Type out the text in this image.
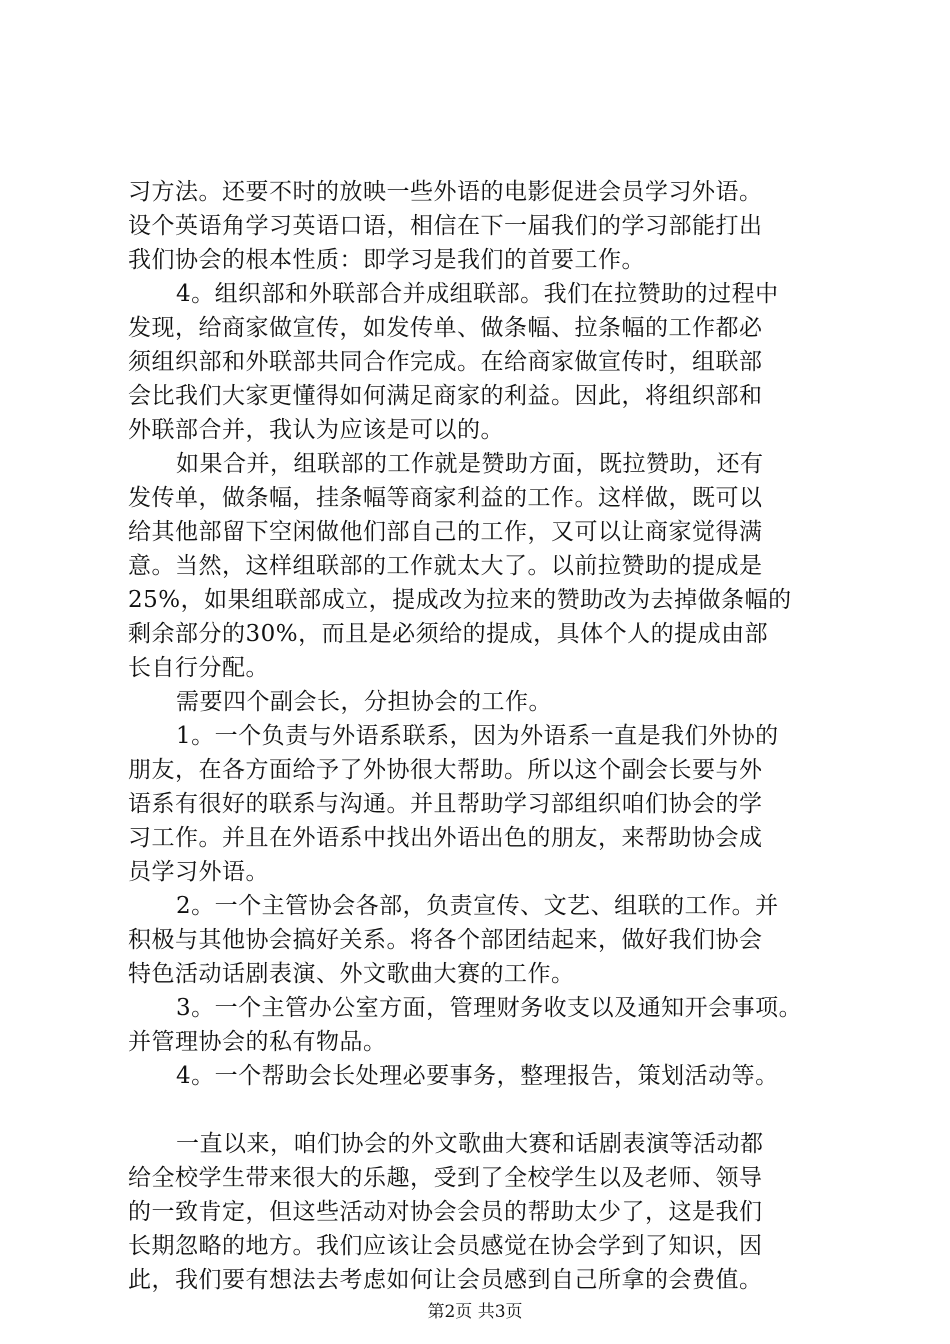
习方法。还要不时的放映一些外语的电影促进会员学习外语。
设个英语角学习英语口语，相信在下一届我们的学习部能打出
我们协会的根本性质：即学习是我们的首要工作。
4。组织部和外联部合并成组联部。我们在拉赞助的过程中
发现，给商家做宣传，如发传单、做条幅、拉条幅的工作都必
须组织部和外联部共同合作完成。在给商家做宣传时，组联部
会比我们大家更懂得如何满足商家的利益。因此，将组织部和
外联部合并，我认为应该是可以的。
如果合并，组联部的工作就是赞助方面，既拉赞助，还有
发传单，做条幅，挂条幅等商家利益的工作。这样做，既可以
给其他部留下空闲做他们部自己的工作，又可以让商家觉得满
意。当然，这样组联部的工作就太大了。以前拉赞助的提成是
25%，如果组联部成立，提成改为拉来的赞助改为去掉做条幅的
剩余部分的30%，而且是必须给的提成，具体个人的提成由部
长自行分配。
需要四个副会长，分担协会的工作。
1。一个负责与外语系联系，因为外语系一直是我们外协的
朋友，在各方面给予了外协很大帮助。所以这个副会长要与外
语系有很好的联系与沟通。并且帮助学习部组织咱们协会的学
习工作。并且在外语系中找出外语出色的朋友，来帮助协会成
员学习外语。
2。一个主管协会各部，负责宣传、文艺、组联的工作。并
积极与其他协会搞好关系。将各个部团结起来，做好我们协会
特色活动话剧表演、外文歌曲大赛的工作。
3。一个主管办公室方面，管理财务收支以及通知开会事项。
并管理协会的私有物品。
4。一个帮助会长处理必要事务，整理报告，策划活动等。
一直以来，咱们协会的外文歌曲大赛和话剧表演等活动都
给全校学生带来很大的乐趣，受到了全校学生以及老师、领导
的一致肯定，但这些活动对协会会员的帮助太少了，这是我们
长期忽略的地方。我们应该让会员感觉在协会学到了知识，因
此，我们要有想法去考虑如何让会员感到自己所拿的会费值。
第2页 共3页
